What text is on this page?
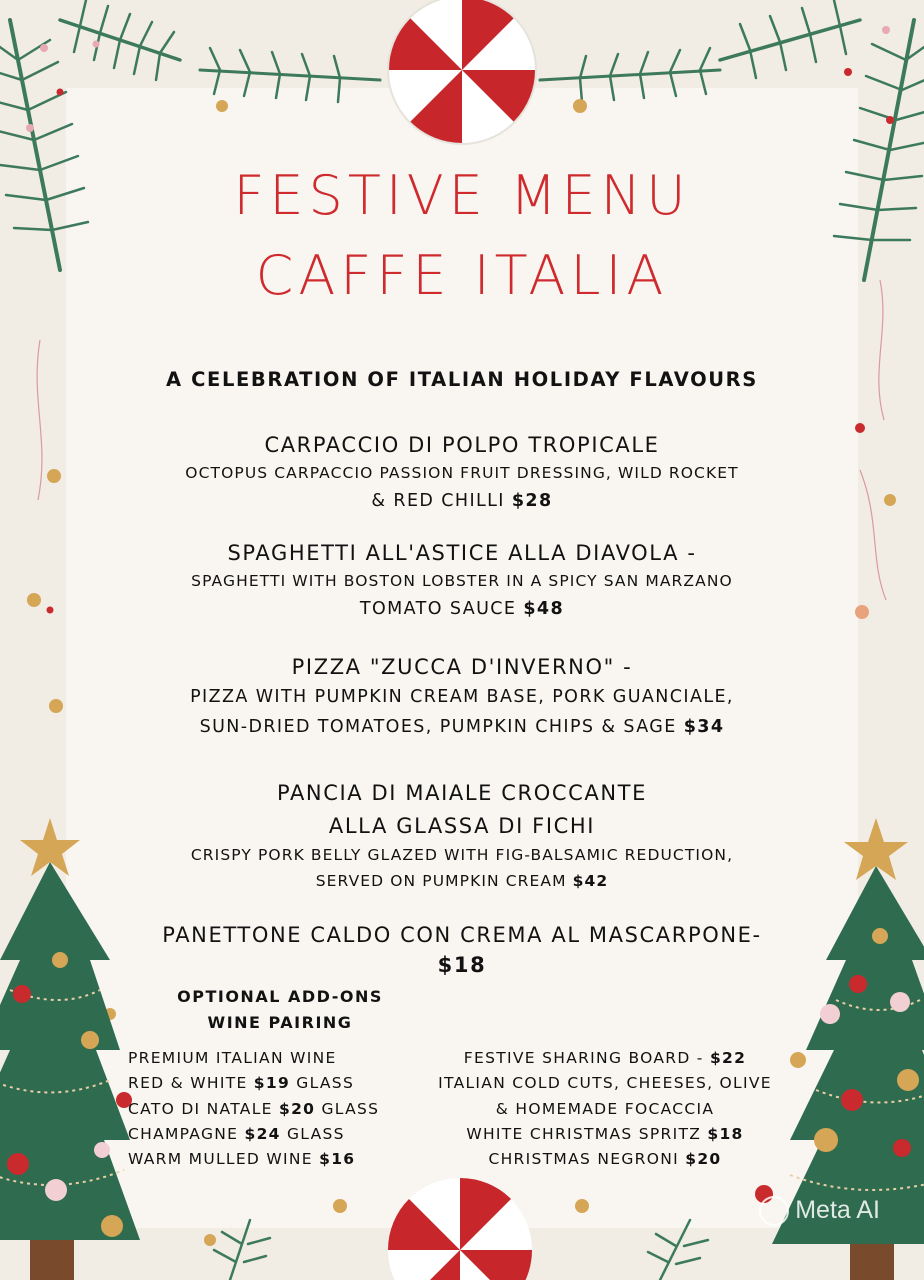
FESTIVE MENU
CAFFE ITALIA
A CELEBRATION OF ITALIAN HOLIDAY FLAVOURS
CARPACCIO DI POLPO TROPICALE
OCTOPUS CARPACCIO PASSION FRUIT DRESSING, WILD ROCKET
& RED CHILLI $28
SPAGHETTI ALL'ASTICE ALLA DIAVOLA -
SPAGHETTI WITH BOSTON LOBSTER IN A SPICY SAN MARZANO
TOMATO SAUCE $48
PIZZA "ZUCCA D'INVERNO" -
PIZZA WITH PUMPKIN CREAM BASE, PORK GUANCIALE,
SUN-DRIED TOMATOES, PUMPKIN CHIPS & SAGE $34
PANCIA DI MAIALE CROCCANTE
ALLA GLASSA DI FICHI
CRISPY PORK BELLY GLAZED WITH FIG-BALSAMIC REDUCTION,
SERVED ON PUMPKIN CREAM $42
PANETTONE CALDO CON CREMA AL MASCARPONE-
$18
OPTIONAL ADD-ONS
WINE PAIRING
PREMIUM ITALIAN WINE
RED & WHITE $19 GLASS
CATO DI NATALE $20 GLASS
CHAMPAGNE $24 GLASS
WARM MULLED WINE $16
FESTIVE SHARING BOARD - $22
ITALIAN COLD CUTS, CHEESES, OLIVE
& HOMEMADE FOCACCIA
WHITE CHRISTMAS SPRITZ $18
CHRISTMAS NEGRONI $20
Meta AI
